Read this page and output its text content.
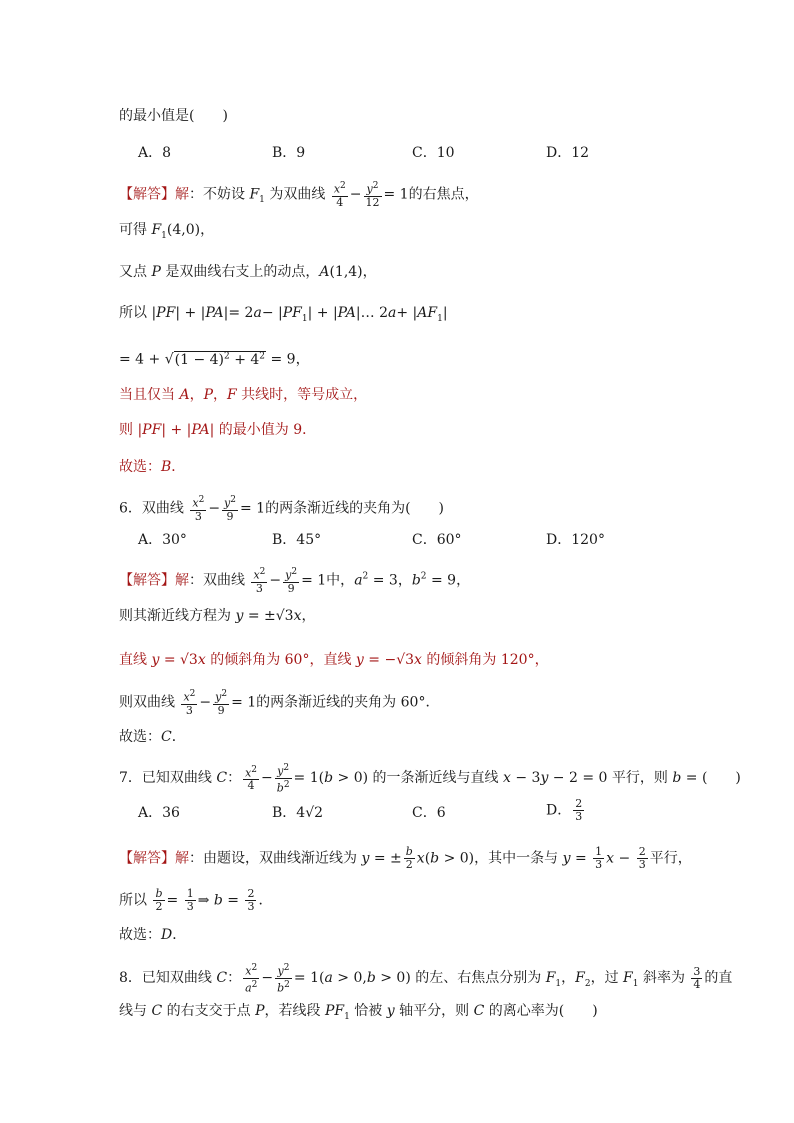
的最小值是(　　)
A．8	B．9	C．10	D．12
【解答】解：不妨设 $F_1$ 为双曲线 $\frac{x^2}{4} - \frac{y^2}{12} = 1$的右焦点，
可得 $F_1(4,0)$，
又点 P 是双曲线右支上的动点，A(1,4)，
所以 $|PF| + |PA|= 2a- |PF_1|$ + |PA|… $2a+ |AF_1|$
= $4 + √(1 - 4)^2 + 4^2 = 9$，
当且仅当 A，P，F 共线时，等号成立，
则 |PF| + |PA| 的最小值为 9．
故选：B．
6．双曲线 $\frac{x^2}{3} - \frac{y^2}{9} = 1$的两条渐近线的夹角为(　　)
A．30°	B．45°	C．60°	D．120°
【解答】解：双曲线 $\frac{x^2}{3} - \frac{y^2}{9} = 1$中，$a^2 = 3$，$b^2 = 9$，
则其渐近线方程为 y = ±√3x，
直线 y = √3x 的倾斜角为 60°，直线 y = −√3x 的倾斜角为 120°，
则双曲线 $\frac{x^2}{3} - \frac{y^2}{9} = 1$的两条渐近线的夹角为 60°．
故选：C．
7．已知双曲线 C： $\frac{x^2}{4} - \frac{y^2}{b^2} = 1(b > 0)$ 的一条渐近线与直线 x − 3y − 2 = 0 平行，则 b = (　　)
A．36	B．4√2	C．6	D． $\frac{2}{3}$
【解答】解：由题设，双曲线渐近线为 y = ± $\frac{b}{2} x(b > 0)$，其中一条与 $y = \frac{1}{3}$ $x - \frac{2}{3}$ 平行，
所以 $\frac{b}{2} = \frac{1}{3}$ ⇒ $b = \frac{2}{3}$ ．
故选：D．
8．已知双曲线 C： $\frac{x^2}{a^2} - \frac{y^2}{b^2} = 1(a > 0,b > 0)$ 的左、右焦点分别为 $F_1$，$F_2$，过 $F_1$ 斜率为 $\frac{3}{4}$ 的直
线与 C 的右支交于点 P，若线段 $PF_1$ 恰被 y 轴平分，则 C 的离心率为(　　)
